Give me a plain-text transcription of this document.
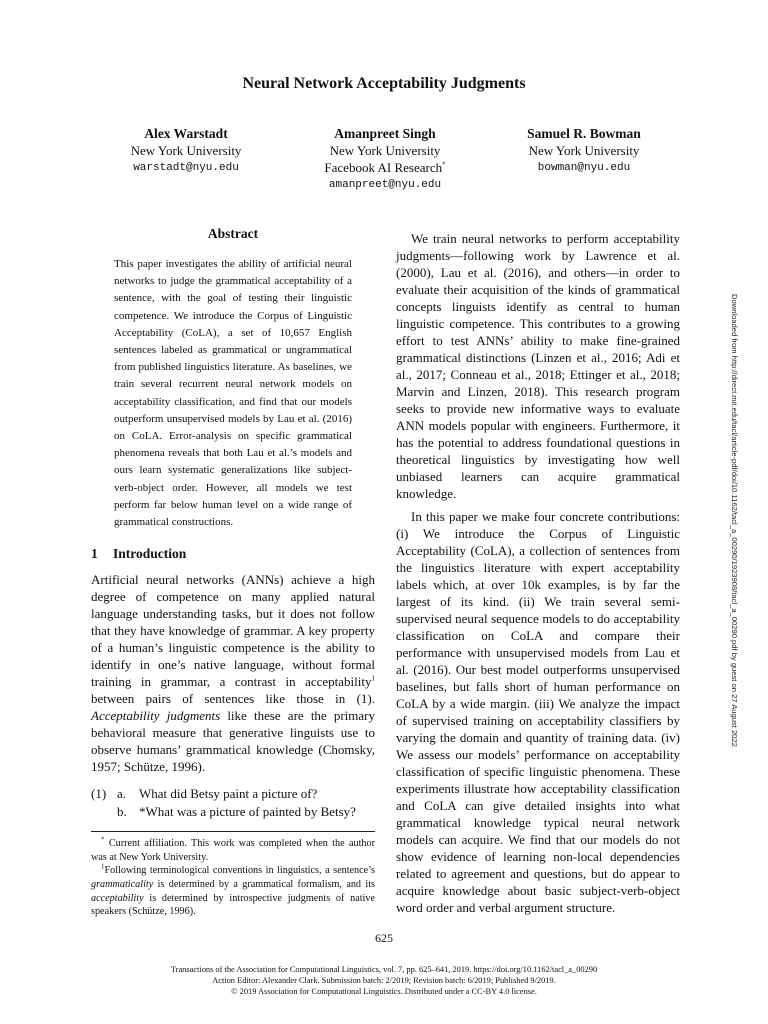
Neural Network Acceptability Judgments
Alex Warstadt
New York University
warstadt@nyu.edu
Amanpreet Singh
New York University
Facebook AI Research*
amanpreet@nyu.edu
Samuel R. Bowman
New York University
bowman@nyu.edu
Abstract

This paper investigates the ability of artificial neural networks to judge the grammatical acceptability of a sentence, with the goal of testing their linguistic competence. We introduce the Corpus of Linguistic Acceptability (CoLA), a set of 10,657 English sentences labeled as grammatical or ungrammatical from published linguistics literature. As baselines, we train several recurrent neural network models on acceptability classification, and find that our models outperform unsupervised models by Lau et al. (2016) on CoLA. Error-analysis on specific grammatical phenomena reveals that both Lau et al.’s models and ours learn systematic generalizations like subject-verb-object order. However, all models we test perform far below human level on a wide range of grammatical constructions.

1 Introduction

Artificial neural networks (ANNs) achieve a high degree of competence on many applied natural language understanding tasks, but it does not follow that they have knowledge of grammar. A key property of a human’s linguistic competence is the ability to identify in one’s native language, without formal training in grammar, a contrast in acceptability$^1$ between pairs of sentences like those in (1). Acceptability judgments like these are the primary behavioral measure that generative linguists use to observe humans’ grammatical knowledge (Chomsky, 1957; Schütze, 1996).

(1) a. What did Betsy paint a picture of?
b. *What was a picture of painted by Betsy?

* Current affiliation. This work was completed when the author was at New York University.

$^1$Following terminological conventions in linguistics, a sentence’s grammaticality is determined by a grammatical formalism, and its acceptability is determined by introspective judgments of native speakers (Schütze, 1996).

We train neural networks to perform acceptability judgments—following work by Lawrence et al. (2000), Lau et al. (2016), and others—in order to evaluate their acquisition of the kinds of grammatical concepts linguists identify as central to human linguistic competence. This contributes to a growing effort to test ANNs’ ability to make fine-grained grammatical distinctions (Linzen et al., 2016; Adi et al., 2017; Conneau et al., 2018; Ettinger et al., 2018; Marvin and Linzen, 2018). This research program seeks to provide new informative ways to evaluate ANN models popular with engineers. Furthermore, it has the potential to address foundational questions in theoretical linguistics by investigating how well unbiased learners can acquire grammatical knowledge.

In this paper we make four concrete contributions: (i) We introduce the Corpus of Linguistic Acceptability (CoLA), a collection of sentences from the linguistics literature with expert acceptability labels which, at over 10k examples, is by far the largest of its kind. (ii) We train several semi-supervised neural sequence models to do acceptability classification on CoLA and compare their performance with unsupervised models from Lau et al. (2016). Our best model outperforms unsupervised baselines, but falls short of human performance on CoLA by a wide margin. (iii) We analyze the impact of supervised training on acceptability classifiers by varying the domain and quantity of training data. (iv) We assess our models’ performance on acceptability classification of specific linguistic phenomena. These experiments illustrate how acceptability classification and CoLA can give detailed insights into what grammatical knowledge typical neural network models can acquire. We find that our models do not show evidence of learning non-local dependencies related to agreement and questions, but do appear to acquire knowledge about basic subject-verb-object word order and verbal argument structure.

Downloaded from http://direct.mit.edu/tacl/article-pdf/doi/10.1162/tacl_a_00290/1923908/tacl_a_00290.pdf by guest on 27 August 2022
625
Transactions of the Association for Computational Linguistics, vol. 7, pp. 625–641, 2019. https://doi.org/10.1162/tacl_a_00290
Action Editor: Alexander Clark. Submission batch: 2/2019; Revision batch: 6/2019; Published 9/2019.
© 2019 Association for Computational Linguistics. Distributed under a CC-BY 4.0 license.
